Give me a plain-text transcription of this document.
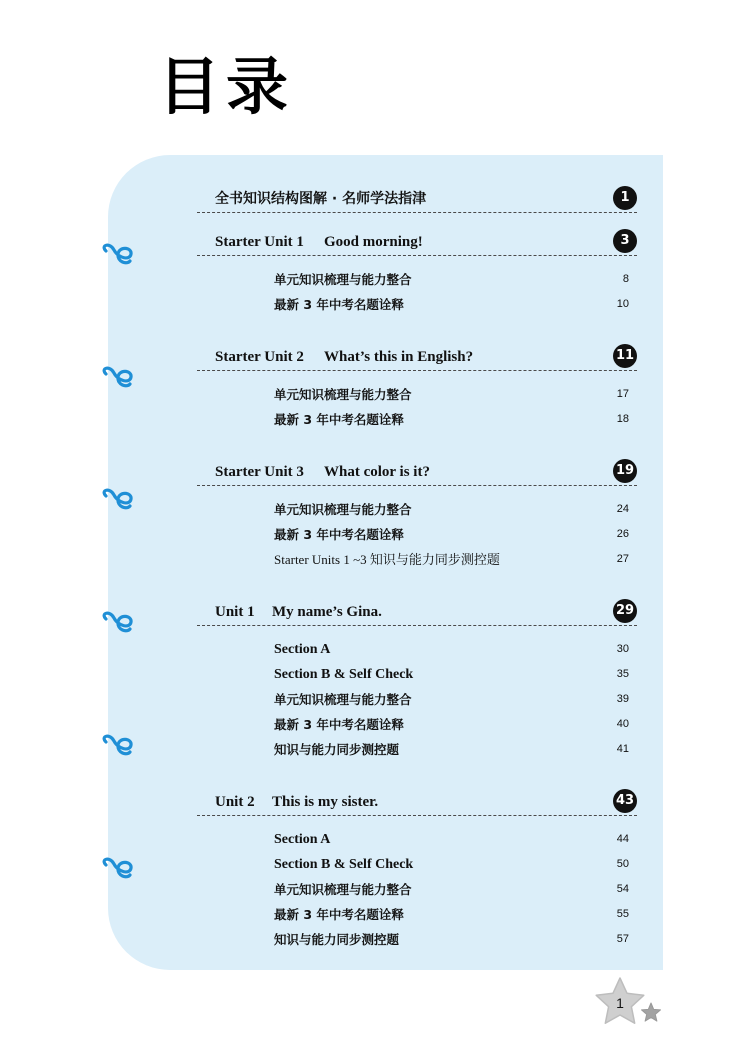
目录
全书知识结构图解 · 名师学法指津	1
Starter Unit 1 Good morning!	3
单元知识梳理与能力整合	8
最新 3 年中考名题诠释	10
Starter Unit 2 What’s this in English?	11
单元知识梳理与能力整合	17
最新 3 年中考名题诠释	18
Starter Unit 3 What color is it?	19
单元知识梳理与能力整合	24
最新 3 年中考名题诠释	26
Starter Units 1 ~3 知识与能力同步测控题	27
Unit 1 My name’s Gina.	29
Section A	30
Section B & Self Check	35
单元知识梳理与能力整合	39
最新 3 年中考名题诠释	40
知识与能力同步测控题	41
Unit 2 This is my sister.	43
Section A	44
Section B & Self Check	50
单元知识梳理与能力整合	54
最新 3 年中考名题诠释	55
知识与能力同步测控题	57
1
